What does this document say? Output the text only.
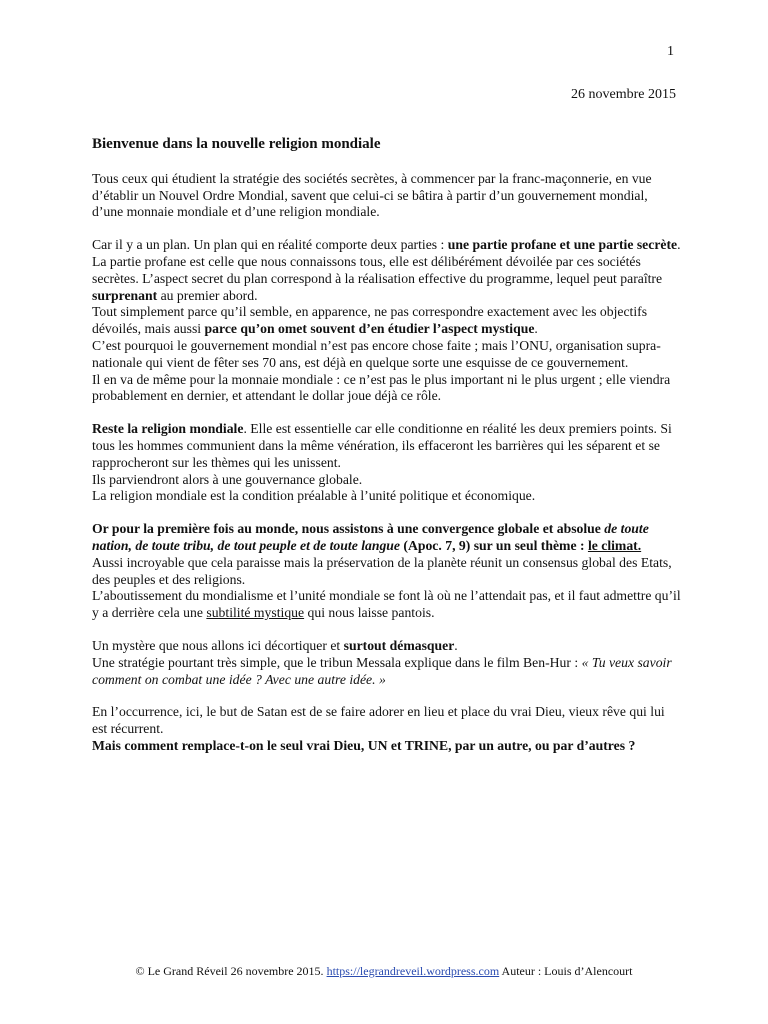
1
26 novembre 2015
Bienvenue dans la nouvelle religion mondiale

Tous ceux qui étudient la stratégie des sociétés secrètes, à commencer par la franc-maçonnerie, en vue d’établir un Nouvel Ordre Mondial, savent que celui-ci se bâtira à partir d’un gouvernement mondial, d’une monnaie mondiale et d’une religion mondiale.

Car il y a un plan. Un plan qui en réalité comporte deux parties : une partie profane et une partie secrète. La partie profane est celle que nous connaissons tous, elle est délibérément dévoilée par ces sociétés secrètes. L’aspect secret du plan correspond à la réalisation effective du programme, lequel peut paraître surprenant au premier abord.

Tout simplement parce qu’il semble, en apparence, ne pas correspondre exactement avec les objectifs dévoilés, mais aussi parce qu’on omet souvent d’en étudier l’aspect mystique.

C’est pourquoi le gouvernement mondial n’est pas encore chose faite ; mais l’ONU, organisation supra-nationale qui vient de fêter ses 70 ans, est déjà en quelque sorte une esquisse de ce gouvernement.

Il en va de même pour la monnaie mondiale : ce n’est pas le plus important ni le plus urgent ; elle viendra probablement en dernier, et attendant le dollar joue déjà ce rôle.

Reste la religion mondiale. Elle est essentielle car elle conditionne en réalité les deux premiers points. Si tous les hommes communient dans la même vénération, ils effaceront les barrières qui les séparent et se rapprocheront sur les thèmes qui les unissent.

Ils parviendront alors à une gouvernance globale.

La religion mondiale est la condition préalable à l’unité politique et économique.

Or pour la première fois au monde, nous assistons à une convergence globale et absolue de toute nation, de toute tribu, de tout peuple et de toute langue (Apoc. 7, 9) sur un seul thème : le climat.

Aussi incroyable que cela paraisse mais la préservation de la planète réunit un consensus global des Etats, des peuples et des religions.

L’aboutissement du mondialisme et l’unité mondiale se font là où ne l’attendait pas, et il faut admettre qu’il y a derrière cela une subtilité mystique qui nous laisse pantois.

Un mystère que nous allons ici décortiquer et surtout démasquer.

Une stratégie pourtant très simple, que le tribun Messala explique dans le film Ben-Hur : « Tu veux savoir comment on combat une idée ? Avec une autre idée. »

En l’occurrence, ici, le but de Satan est de se faire adorer en lieu et place du vrai Dieu, vieux rêve qui lui est récurrent.

Mais comment remplace-t-on le seul vrai Dieu, UN et TRINE, par un autre, ou par d’autres ?

© Le Grand Réveil 26 novembre 2015. https://legrandreveil.wordpress.com Auteur : Louis d’Alencourt
